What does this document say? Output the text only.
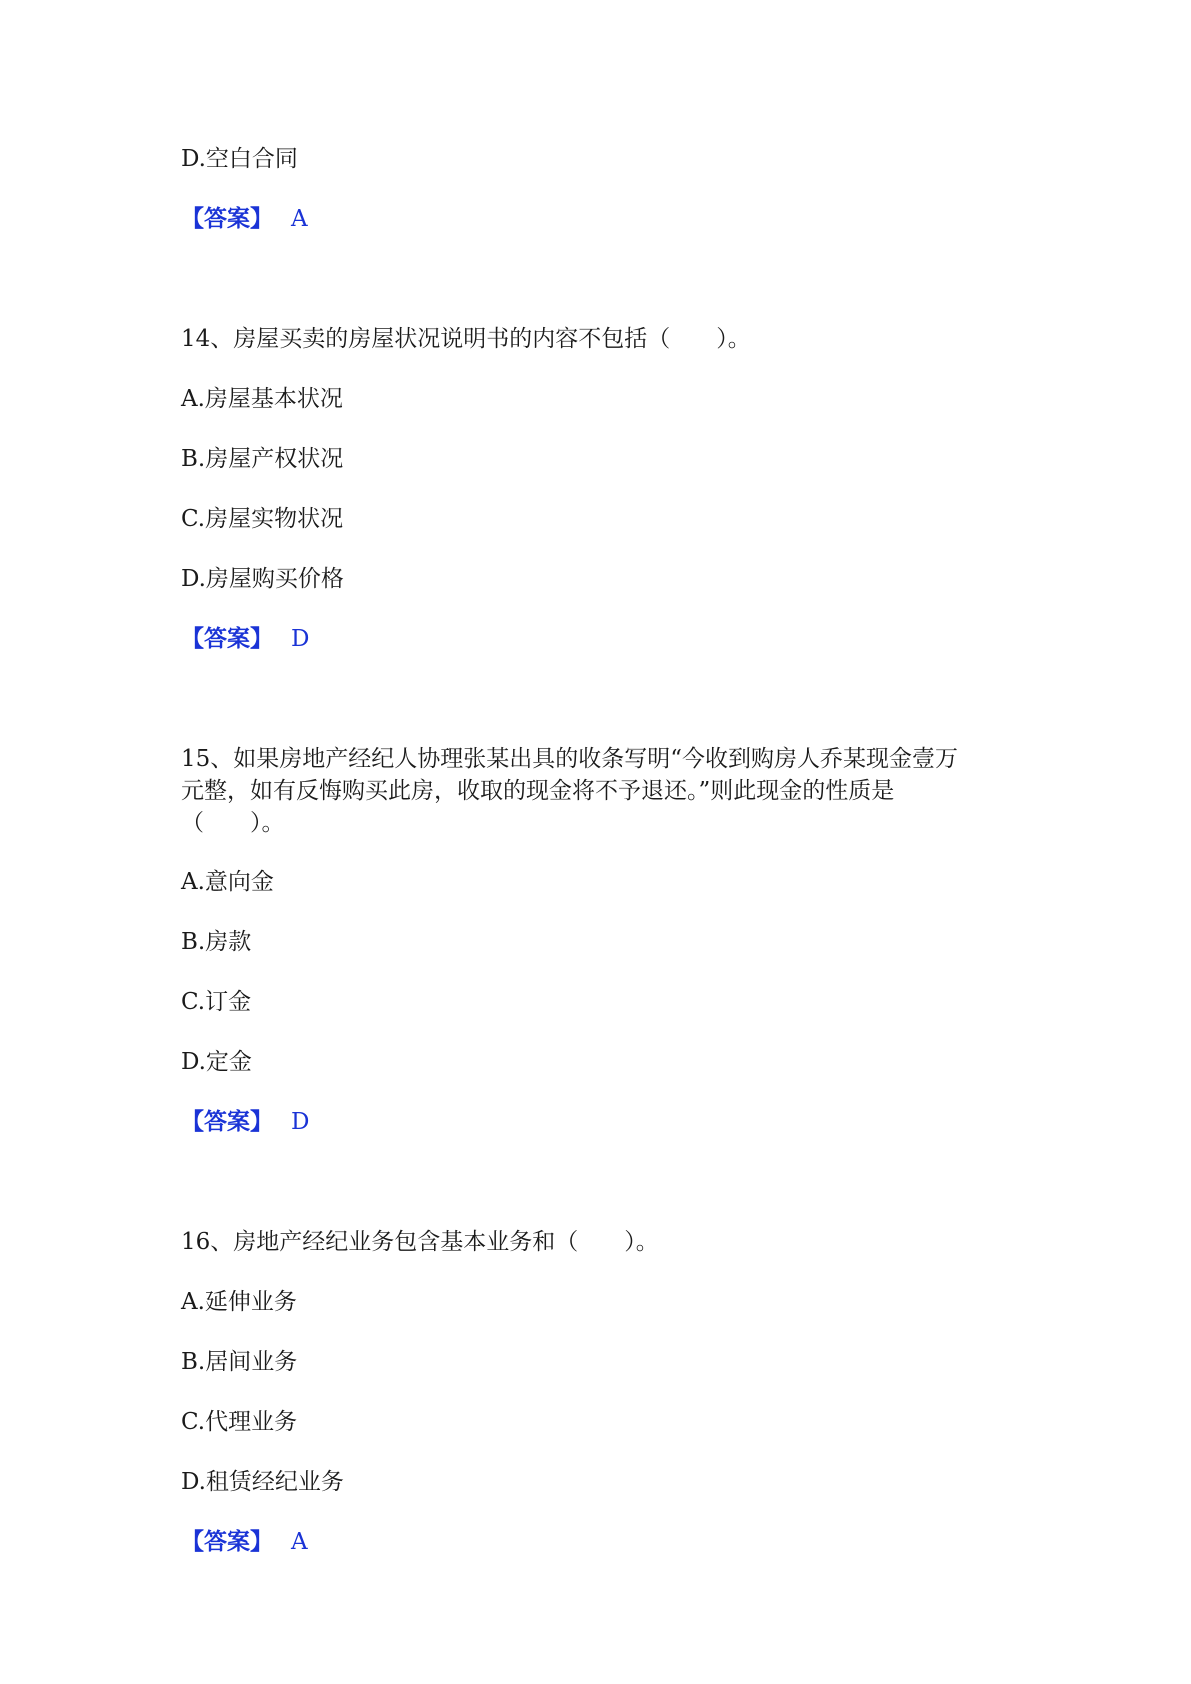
D.空白合同

【答案】 A

14、房屋买卖的房屋状况说明书的内容不包括（　　）。

A.房屋基本状况

B.房屋产权状况

C.房屋实物状况

D.房屋购买价格

【答案】 D

15、如果房地产经纪人协理张某出具的收条写明“今收到购房人乔某现金壹万

元整，如有反悔购买此房，收取的现金将不予退还。”则此现金的性质是

（　　）。

A.意向金

B.房款

C.订金

D.定金

【答案】 D

16、房地产经纪业务包含基本业务和（　　）。

A.延伸业务

B.居间业务

C.代理业务

D.租赁经纪业务

【答案】 A
